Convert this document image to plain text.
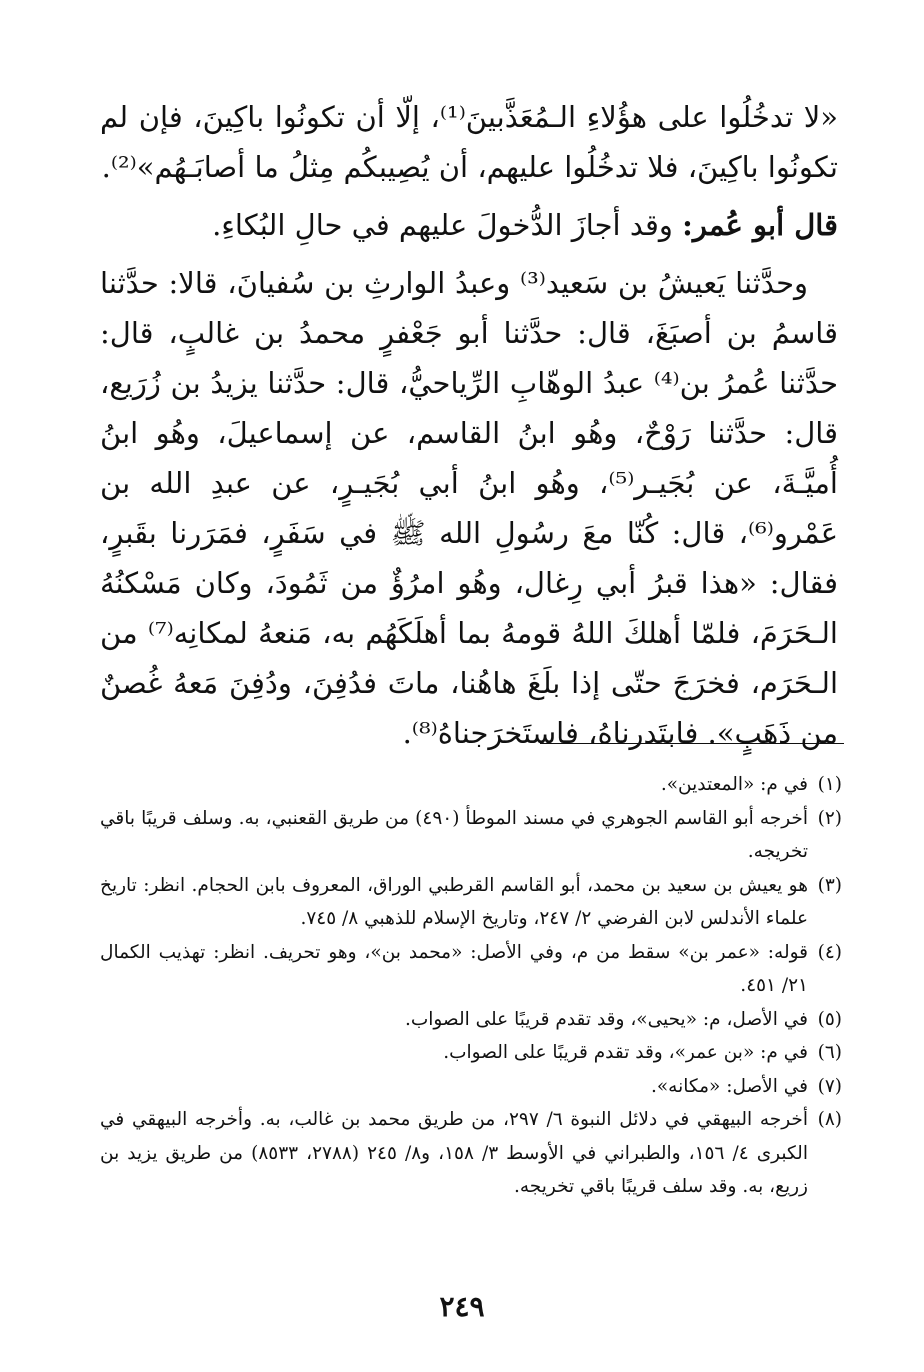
«لا تدخُلُوا على هؤُلاءِ الـمُعَذَّبينَ⁽¹⁾، إلّا أن تكونُوا باكِينَ، فإن لم تكونُوا باكِينَ، فلا تدخُلُوا عليهم، أن يُصِيبكُم مِثلُ ما أصابَـهُم»⁽²⁾.

قال أبو عُمر: وقد أجازَ الدُّخولَ عليهم في حالِ البُكاءِ.

وحدَّثنا يَعيشُ بن سَعيد⁽³⁾ وعبدُ الوارثِ بن سُفيانَ، قالا: حدَّثنا قاسمُ بن أصبَغَ، قال: حدَّثنا أبو جَعْفرٍ محمدُ بن غالبٍ، قال: حدَّثنا عُمرُ بن⁽⁴⁾ عبدُ الوهّابِ الرِّياحيُّ، قال: حدَّثنا يزيدُ بن زُرَيع، قال: حدَّثنا رَوْحٌ، وهُو ابنُ القاسم، عن إسماعيلَ، وهُو ابنُ أُميَّـةَ، عن بُجَيـر⁽⁵⁾، وهُو ابنُ أبي بُجَيـرٍ، عن عبدِ الله بن عَمْرو⁽⁶⁾، قال: كُنّا معَ رسُولِ الله ﷺ في سَفَرٍ، فمَرَرنا بقَبرٍ، فقال: «هذا قبرُ أبي رِغال، وهُو امرُؤٌ من ثَمُودَ، وكان مَسْكنُهُ الـحَرَمَ، فلمّا أهلكَ اللهُ قومهُ بما أهلَكَهُم به، مَنعهُ لمكانِه⁽⁷⁾ من الـحَرَم، فخرَجَ حتّى إذا بلَغَ هاهُنا، ماتَ فدُفِنَ، ودُفِنَ مَعهُ غُصنٌ من ذَهَبٍ». فابتَدرناهُ، فاستَخرَجناهُ⁽⁸⁾.

(١)في م: «المعتدين».

(٢)أخرجه أبو القاسم الجوهري في مسند الموطأ (٤٩٠) من طريق القعنبي، به. وسلف قريبًا باقي تخريجه.

(٣)هو يعيش بن سعيد بن محمد، أبو القاسم القرطبي الوراق، المعروف بابن الحجام. انظر: تاريخ علماء الأندلس لابن الفرضي ٢/ ٢٤٧، وتاريخ الإسلام للذهبي ٨/ ٧٤٥.

(٤)قوله: «عمر بن» سقط من م، وفي الأصل: «محمد بن»، وهو تحريف. انظر: تهذيب الكمال ٢١/ ٤٥١.

(٥)في الأصل، م: «يحيى»، وقد تقدم قريبًا على الصواب.

(٦)في م: «بن عمر»، وقد تقدم قريبًا على الصواب.

(٧)في الأصل: «مكانه».

(٨)أخرجه البيهقي في دلائل النبوة ٦/ ٢٩٧، من طريق محمد بن غالب، به. وأخرجه البيهقي في الكبرى ٤/ ١٥٦، والطبراني في الأوسط ٣/ ١٥٨، و٨/ ٢٤٥ (٢٧٨٨، ٨٥٣٣) من طريق يزيد بن زريع، به. وقد سلف قريبًا باقي تخريجه.

٢٤٩
